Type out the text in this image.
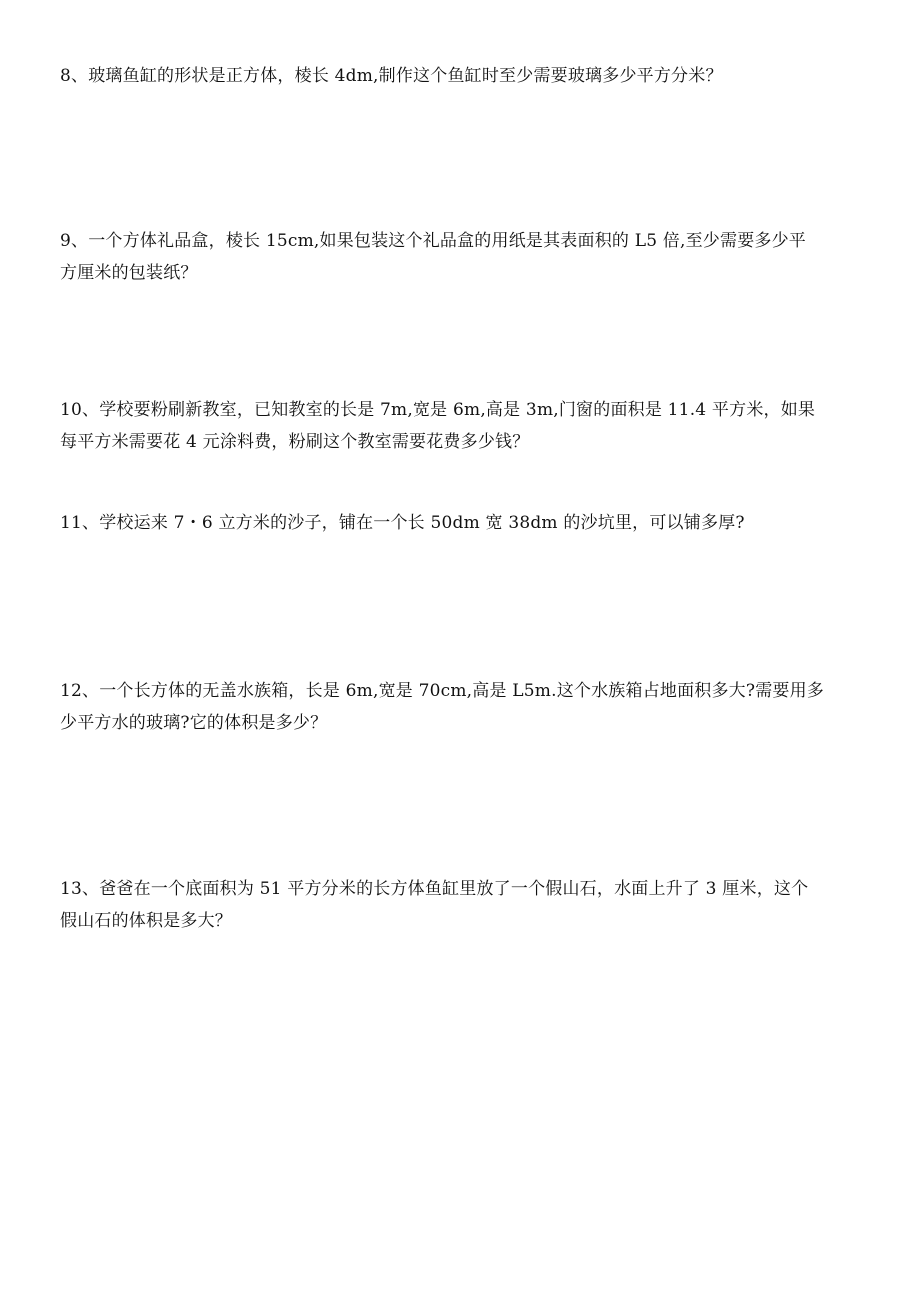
8、玻璃鱼缸的形状是正方体，棱长 4dm,制作这个鱼缸时至少需要玻璃多少平方分米？

9、一个方体礼品盒，棱长 15cm,如果包装这个礼品盒的用纸是其表面积的 L5 倍,至少需要多少平
方厘米的包装纸？

10、学校要粉刷新教室，已知教室的长是 7m,宽是 6m,高是 3m,门窗的面积是 11.4 平方米，如果
每平方米需要花 4 元涂料费，粉刷这个教室需要花费多少钱？

11、学校运来 7・6 立方米的沙子，铺在一个长 50dm 宽 38dm 的沙坑里，可以铺多厚?

12、一个长方体的无盖水族箱，长是 6m,宽是 70cm,高是 L5m.这个水族箱占地面积多大?需要用多
少平方水的玻璃?它的体积是多少？

13、爸爸在一个底面积为 51 平方分米的长方体鱼缸里放了一个假山石，水面上升了 3 厘米，这个
假山石的体积是多大？
